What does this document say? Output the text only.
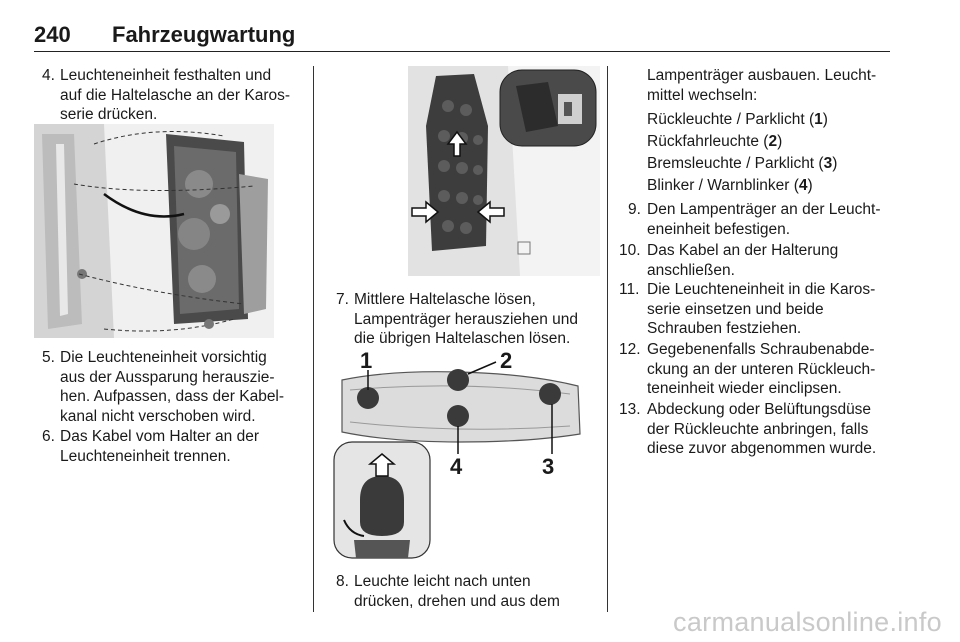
240 Fahrzeugwartung
4. Leuchteneinheit festhalten und
auf die Haltelasche an der Karos-
serie drücken.
5. Die Leuchteneinheit vorsichtig
aus der Aussparung herauszie-
hen. Aufpassen, dass der Kabel-
kanal nicht verschoben wird.
6. Das Kabel vom Halter an der
Leuchteneinheit trennen.
7. Mittlere Haltelasche lösen,
Lampenträger herausziehen und
die übrigen Haltelaschen lösen.
1	2
3
4
8. Leuchte leicht nach unten
drücken, drehen und aus dem
Lampenträger ausbauen. Leucht-
mittel wechseln:
Rückleuchte / Parklicht (1)
Rückfahrleuchte (2)
Bremsleuchte / Parklicht (3)
Blinker / Warnblinker (4)
9. Den Lampenträger an der Leucht-
eneinheit befestigen.
10. Das Kabel an der Halterung
anschließen.
11. Die Leuchteneinheit in die Karos-
serie einsetzen und beide
Schrauben festziehen.
12. Gegebenenfalls Schraubenabde-
ckung an der unteren Rückleuch-
teneinheit wieder einclipsen.
13. Abdeckung oder Belüftungsdüse
der Rückleuchte anbringen, falls
diese zuvor abgenommen wurde.
carmanualsonline.info
